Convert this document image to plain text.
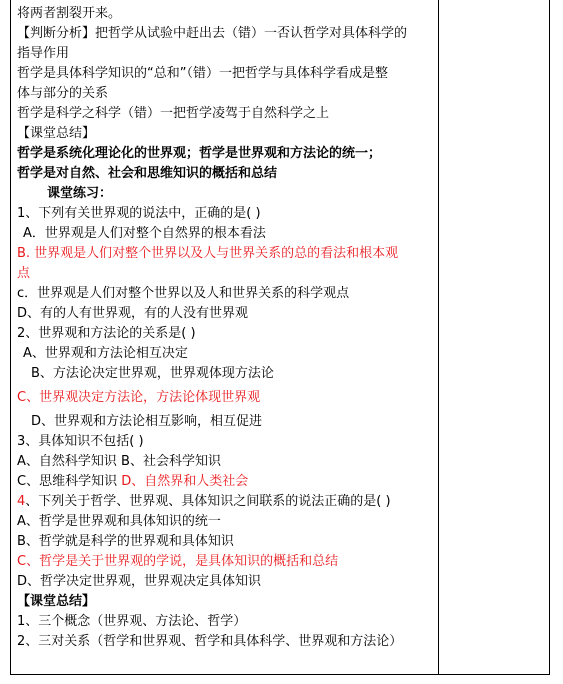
将两者割裂开来。
【判断分析】把哲学从试验中赶出去（错）一否认哲学对具体科学的
指导作用
哲学是具体科学知识的“总和”（错）一把哲学与具体科学看成是整
体与部分的关系
哲学是科学之科学（错）一把哲学凌驾于自然科学之上
【课堂总结】
哲学是系统化理论化的世界观；哲学是世界观和方法论的统一；
哲学是对自然、社会和思维知识的概括和总结
课堂练习：
1、下列有关世界观的说法中，正确的是( )
A．世界观是人们对整个自然界的根本看法
B. 世界观是人们对整个世界以及人与世界关系的总的看法和根本观
点
c．世界观是人们对整个世界以及人和世界关系的科学观点
D、有的人有世界观，有的人没有世界观
2、世界观和方法论的关系是( )
A、世界观和方法论相互决定
B、方法论决定世界观，世界观体现方法论
C、世界观决定方法论，方法论体现世界观
D、世界观和方法论相互影响，相互促进
3、具体知识不包括( )
A、自然科学知识 B、社会科学知识
C、思维科学知识 D、自然界和人类社会
4、下列关于哲学、世界观、具体知识之间联系的说法正确的是( )
A、哲学是世界观和具体知识的统一
B、哲学就是科学的世界观和具体知识
C、哲学是关于世界观的学说，是具体知识的概括和总结
D、哲学决定世界观，世界观决定具体知识
【课堂总结】
1、三个概念（世界观、方法论、哲学）
2、三对关系（哲学和世界观、哲学和具体科学、世界观和方法论）
